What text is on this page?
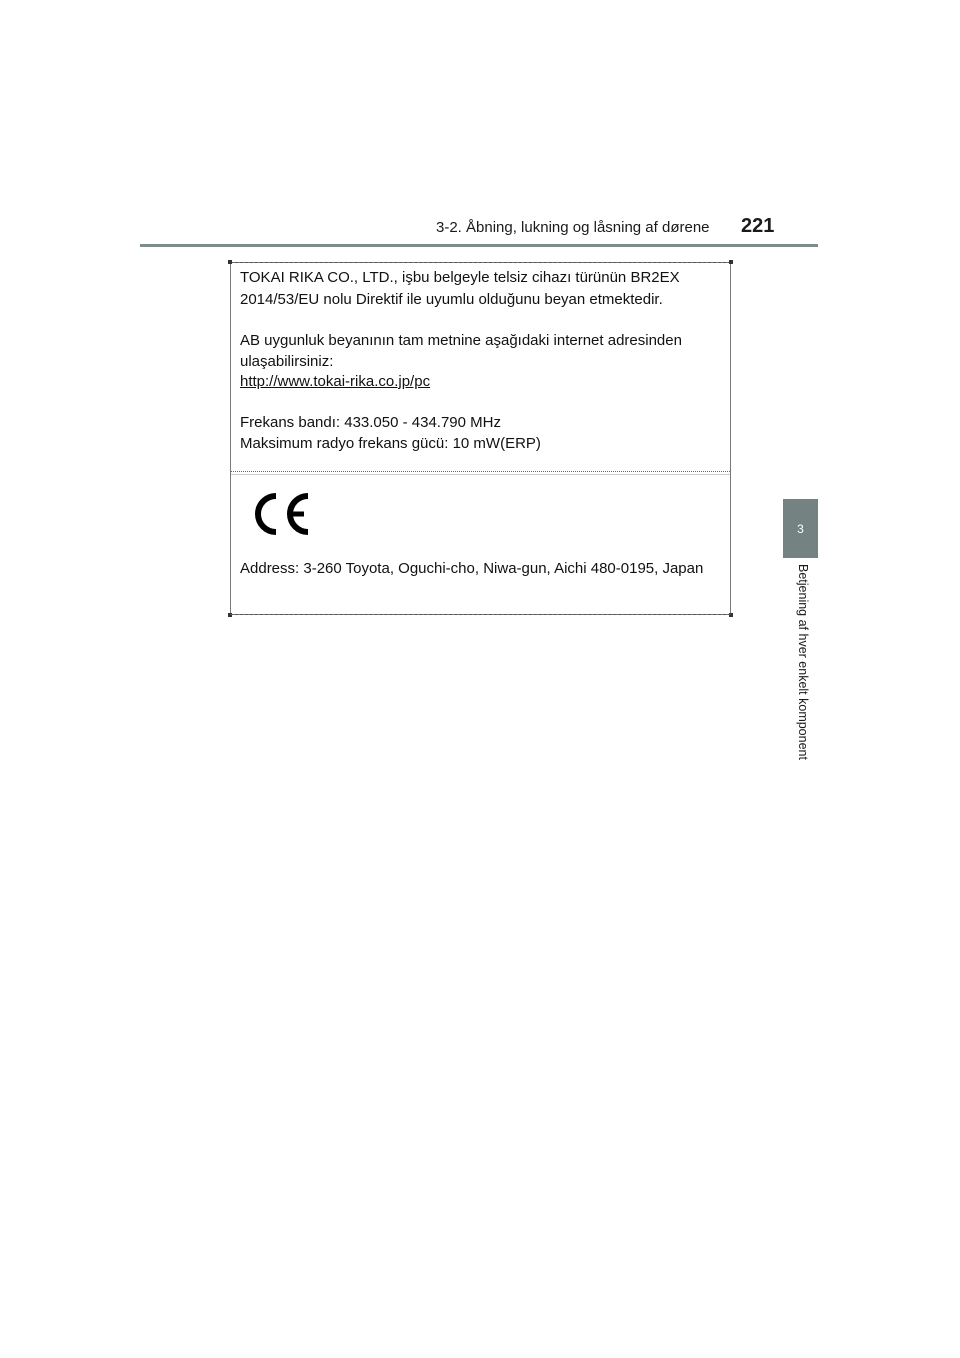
3-2. Åbning, lukning og låsning af dørene 221
3
Betjening af hver enkelt komponent
TOKAI RIKA CO., LTD., işbu belgeyle telsiz cihazı türünün BR2EX
2014/53/EU nolu Direktif ile uyumlu olduğunu beyan etmektedir.
AB uygunluk beyanının tam metnine aşağıdaki internet adresinden
ulaşabilirsiniz:
http://www.tokai-rika.co.jp/pc
Frekans bandı: 433.050 - 434.790 MHz
Maksimum radyo frekans gücü: 10 mW(ERP)
Address: 3-260 Toyota, Oguchi-cho, Niwa-gun, Aichi 480-0195, Japan
